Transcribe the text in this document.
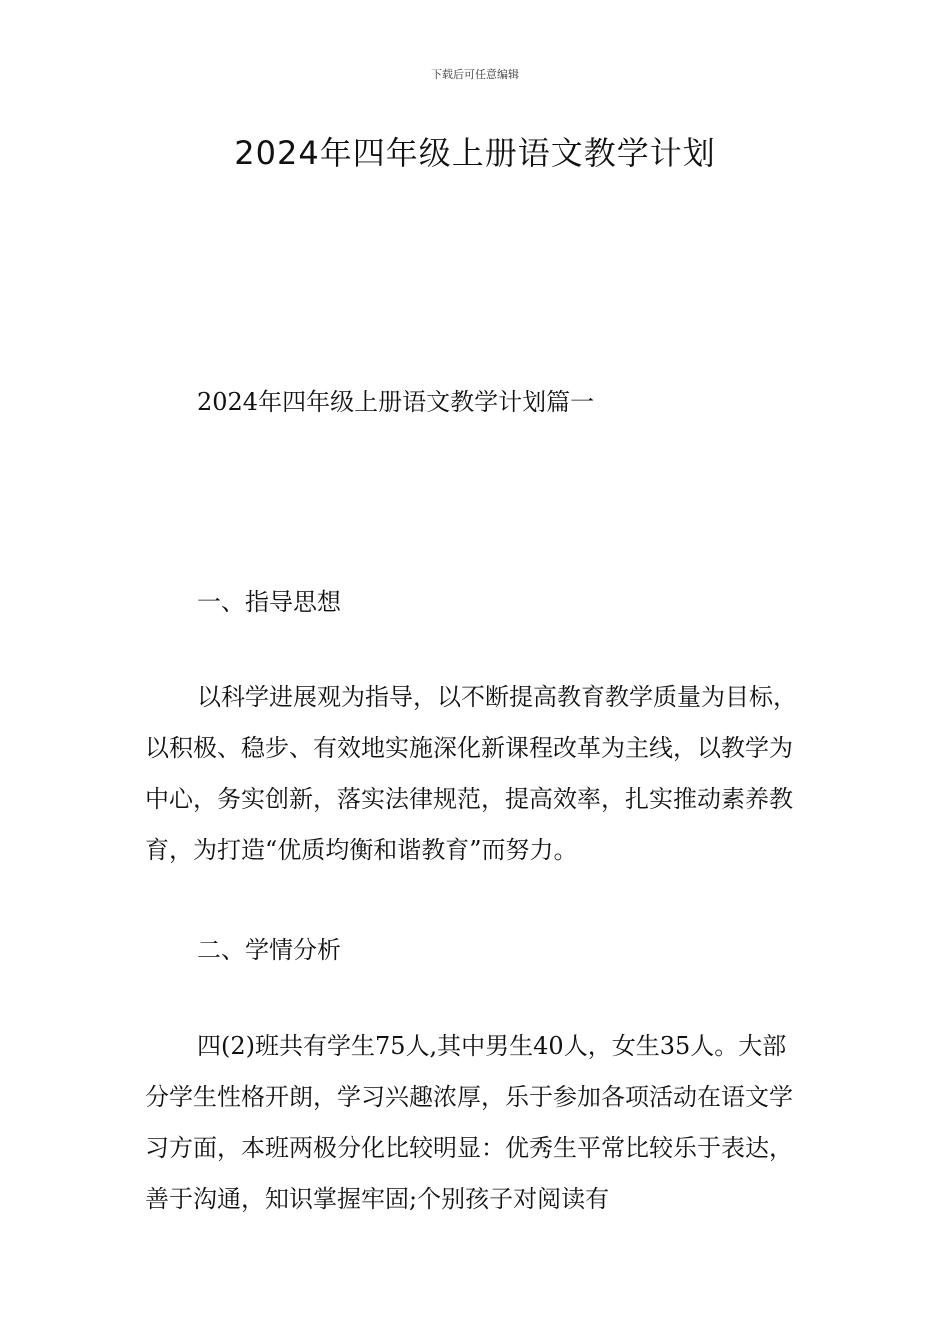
下载后可任意编辑
2024年四年级上册语文教学计划
2024年四年级上册语文教学计划篇一
一、指导思想

以科学进展观为指导，以不断提高教育教学质量为目标，以积极、稳步、有效地实施深化新课程改革为主线，以教学为中心，务实创新，落实法律规范，提高效率，扎实推动素养教育，为打造“优质均衡和谐教育”而努力。

二、学情分析

四(2)班共有学生75人,其中男生40人，女生35人。大部分学生性格开朗，学习兴趣浓厚，乐于参加各项活动在语文学习方面，本班两极分化比较明显：优秀生平常比较乐于表达，善于沟通，知识掌握牢固;个别孩子对阅读有
